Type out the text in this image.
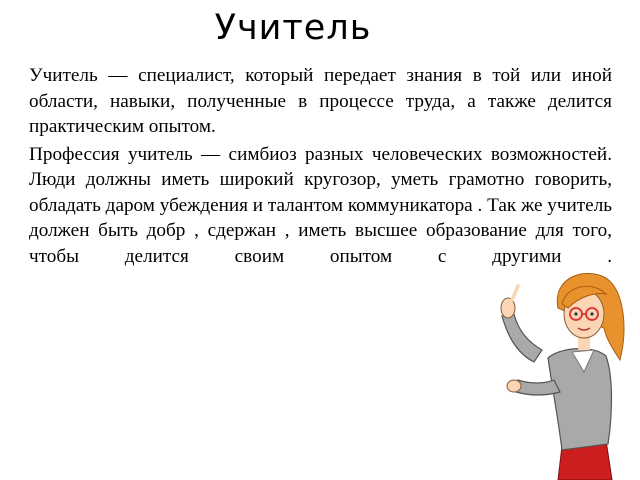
Учитель

Учитель — специалист, который передает знания в той или иной области, навыки, полученные в процессе труда, а также делится практическим опытом.

Профессия учитель — симбиоз разных человеческих возможностей. Люди должны иметь широкий кругозор, уметь грамотно говорить, обладать даром убеждения и талантом коммуникатора . Так же учитель должен быть добр , сдержан , иметь высшее образование для того, чтобы делится своим опытом с другими .
